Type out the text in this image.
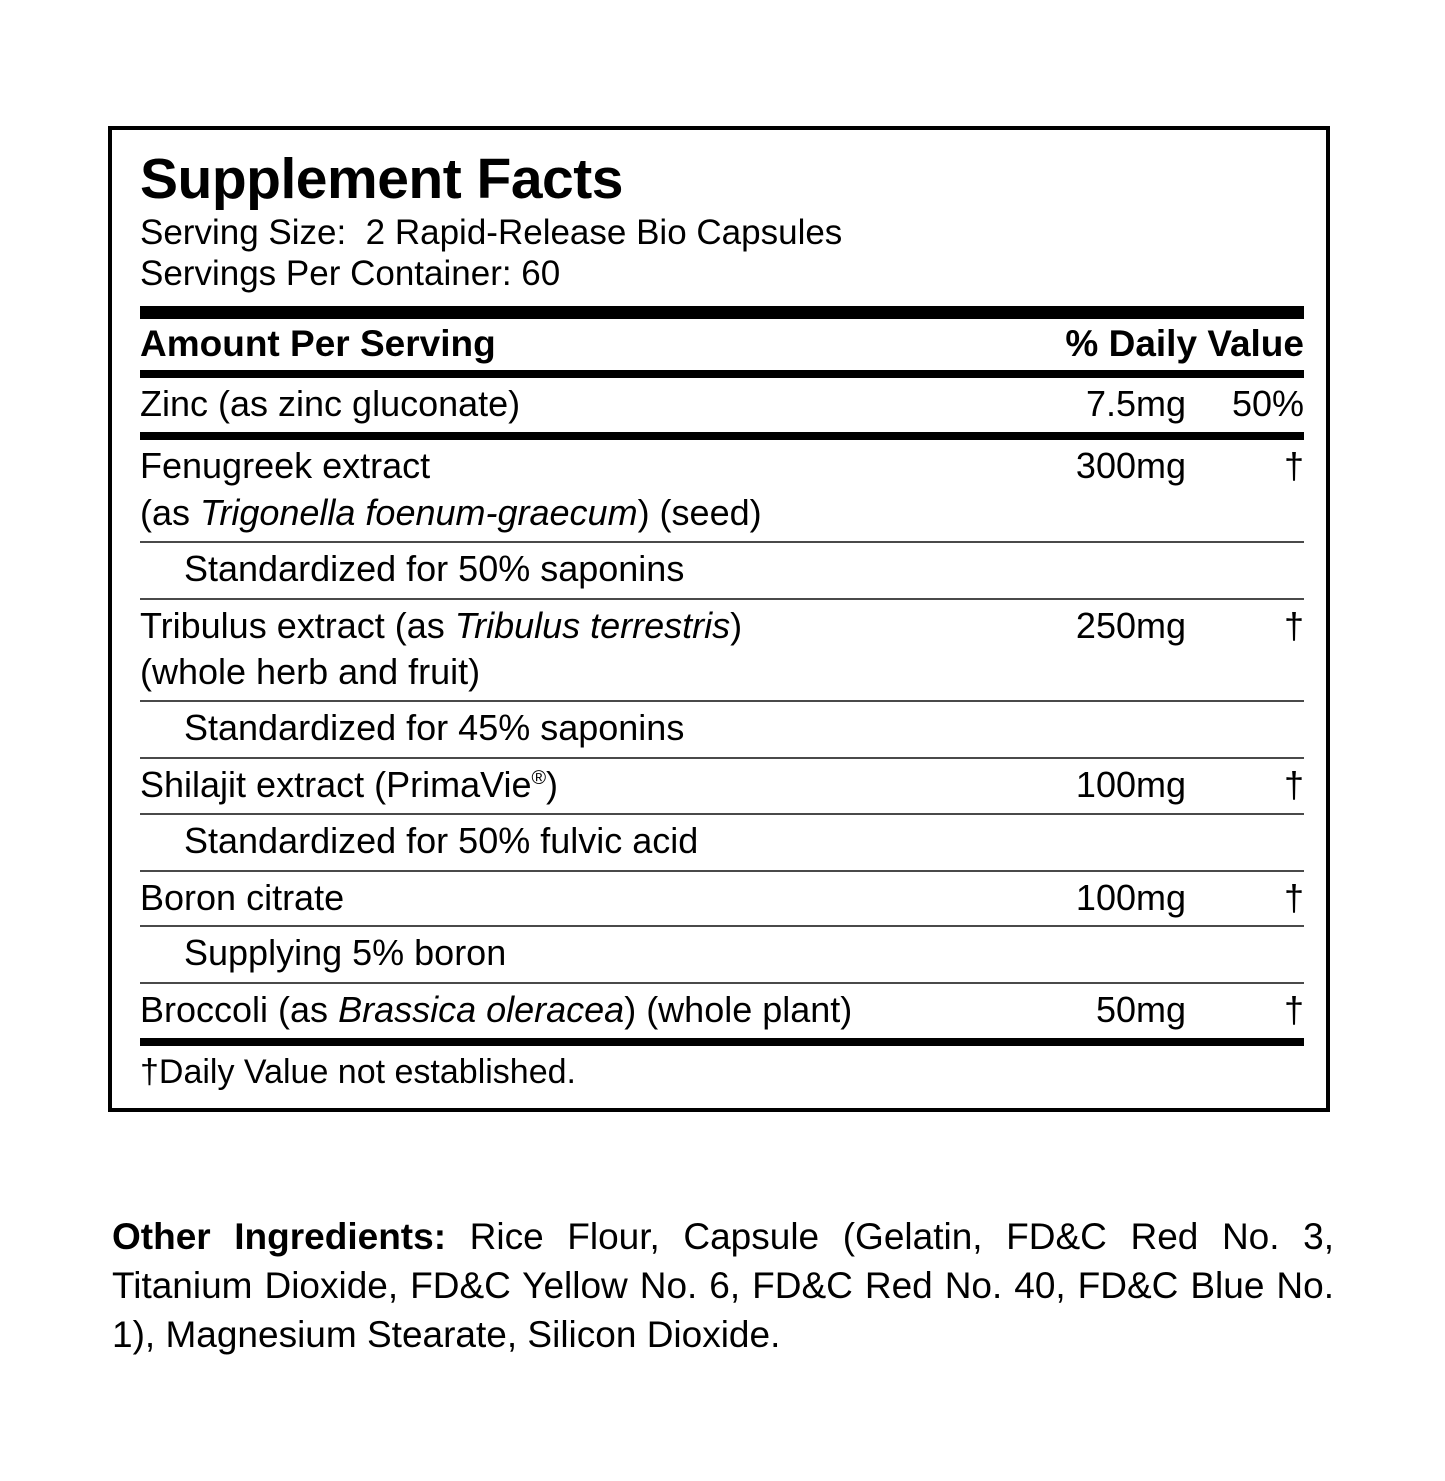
Supplement Facts
Serving Size:  2 Rapid-Release Bio Capsules
Servings Per Container: 60
Amount Per Serving	% Daily Value
Zinc (as zinc gluconate)	7.5mg	50%
Fenugreek extract
(as Trigonella foenum-graecum) (seed)
300mg	†
Standardized for 50% saponins
Tribulus extract (as Tribulus terrestris)
(whole herb and fruit)
250mg	†
Standardized for 45% saponins
Shilajit extract (PrimaVie®)	100mg	†
Standardized for 50% fulvic acid
Boron citrate	100mg	†
Supplying 5% boron
Broccoli (as Brassica oleracea) (whole plant)	50mg	†
†Daily Value not established.
Other Ingredients: Rice Flour, Capsule (Gelatin, FD&C Red No. 3, Titanium Dioxide, FD&C Yellow No. 6, FD&C Red No. 40, FD&C Blue No. 1), Magnesium Stearate, Silicon Dioxide.
